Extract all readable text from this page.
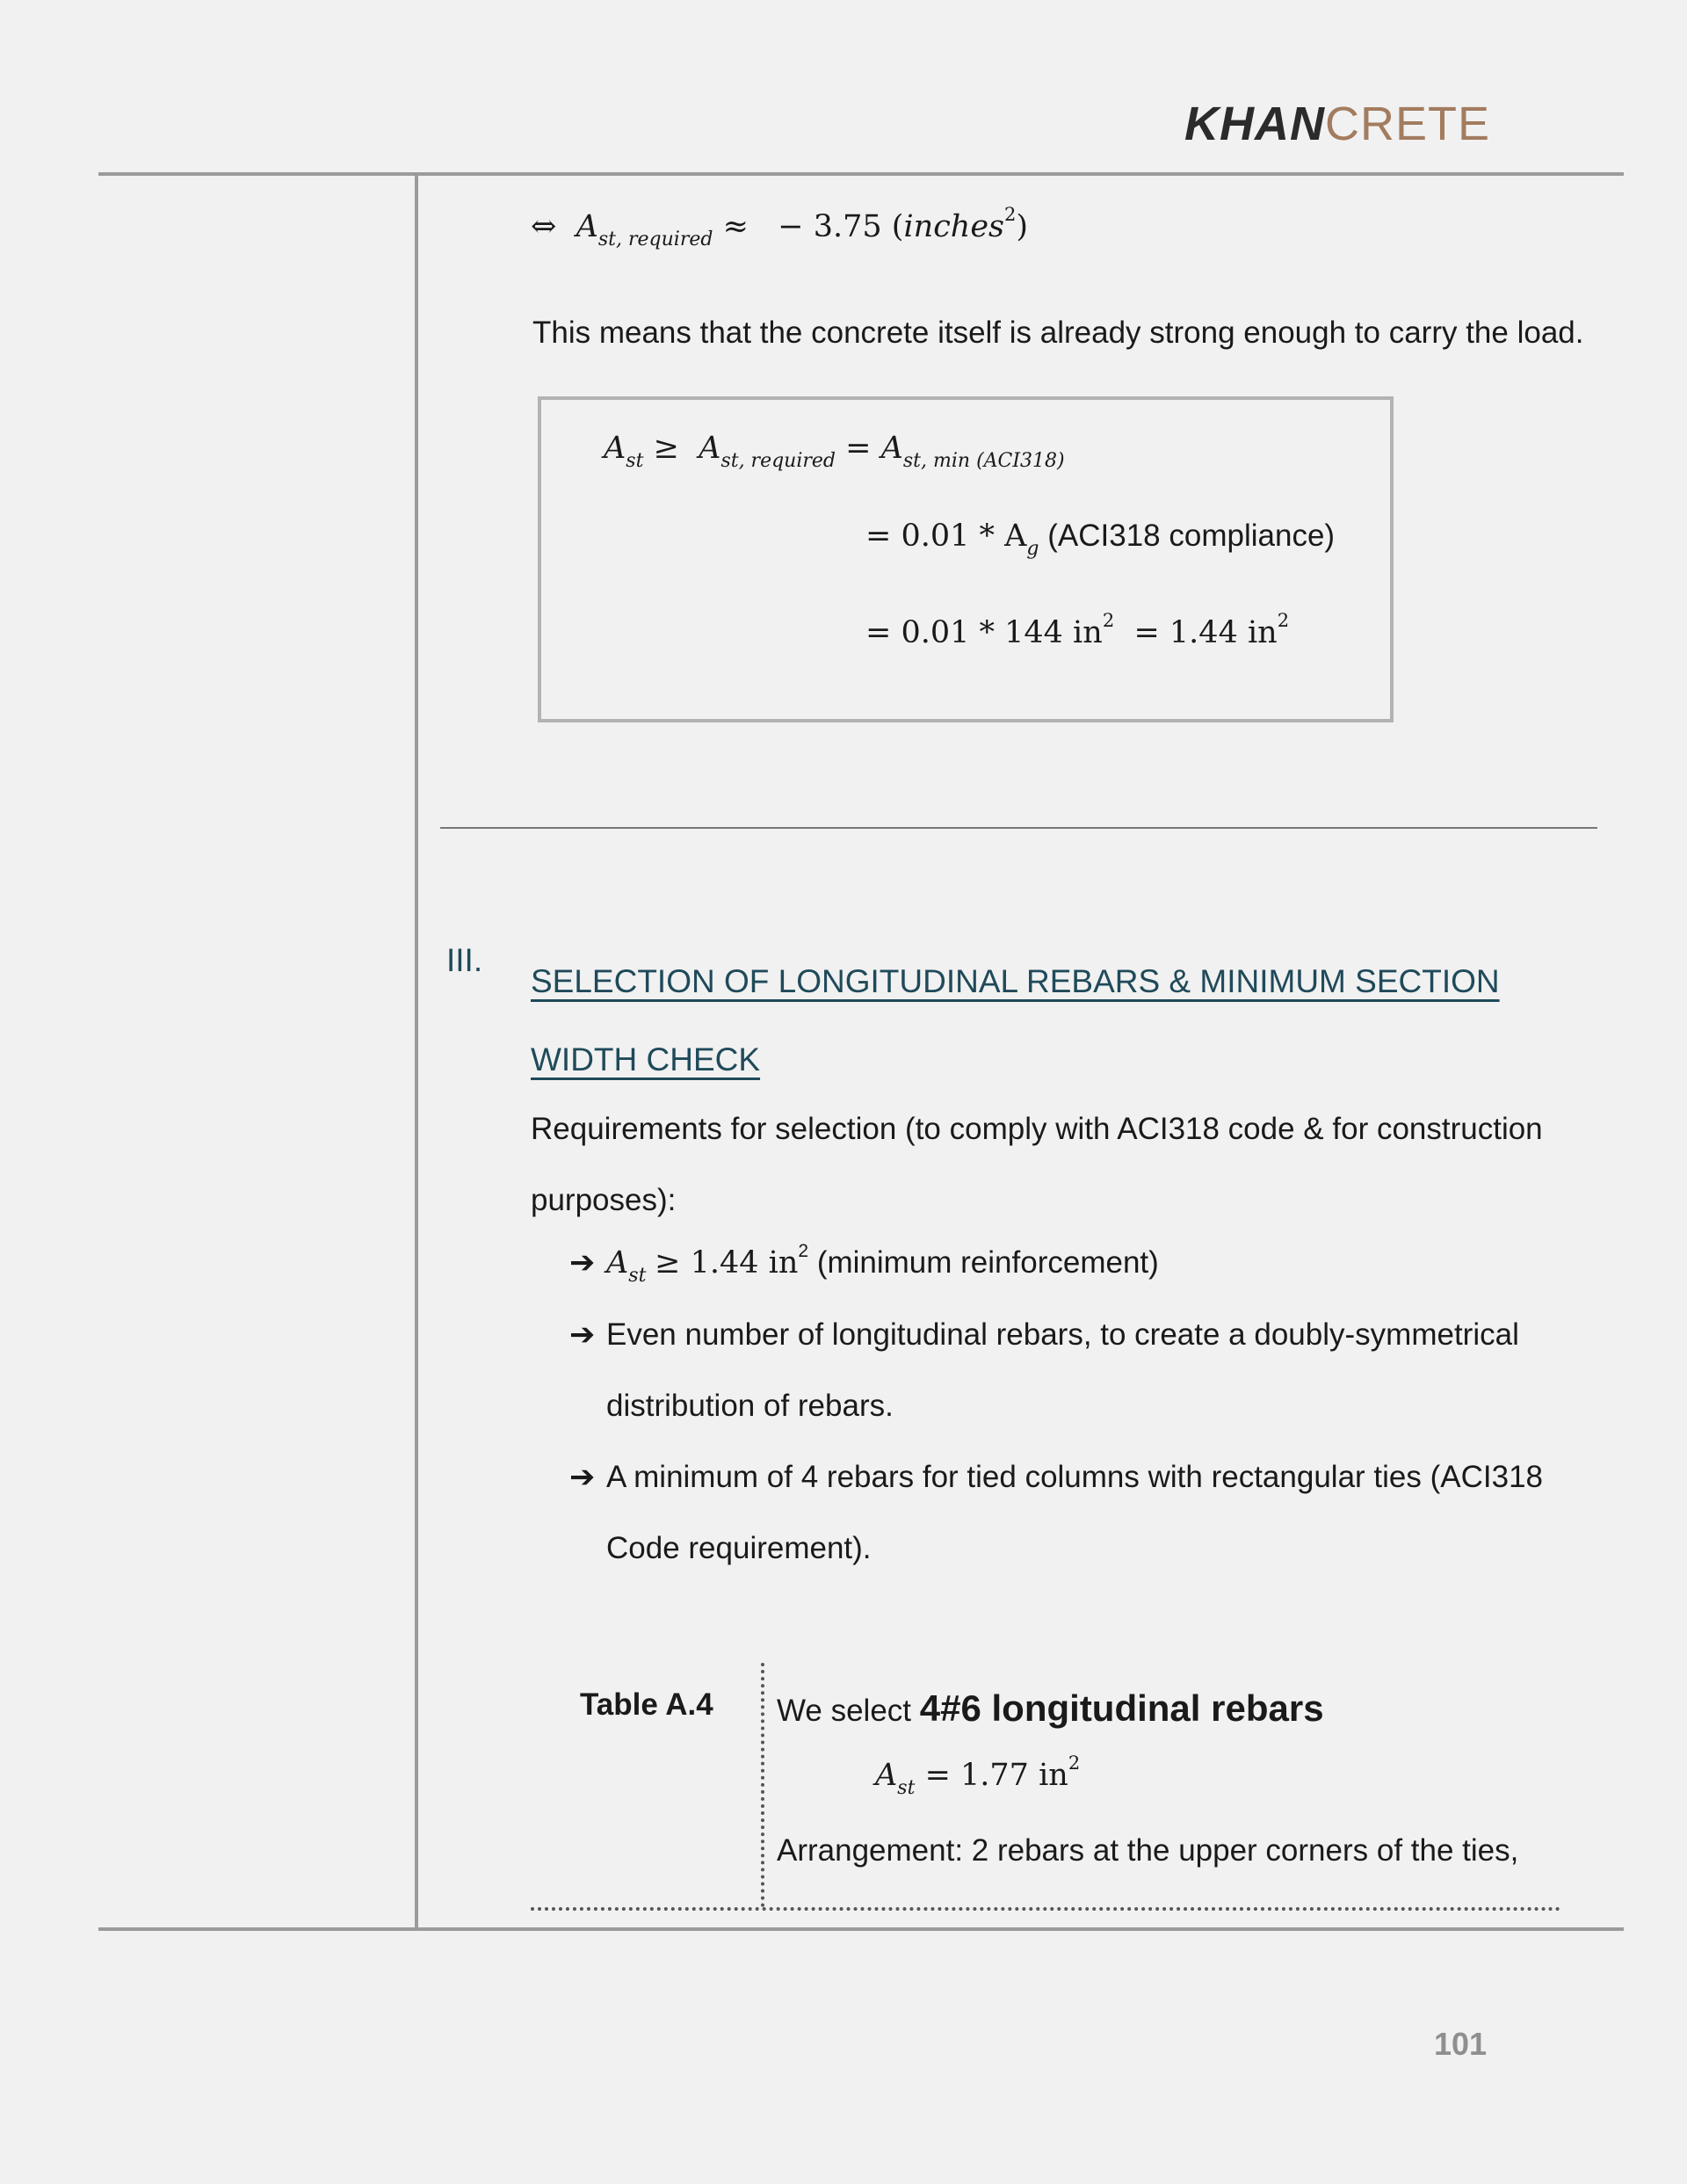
KHANCRETE
⇔ $A_{st, required}$ ≈ − 3.75 (inches$^2$)
This means that the concrete itself is already strong enough to carry the load.
$A_{st} \ge A_{st, required} = A_{st, min (ACI318)}$
= $0.01 * A_g$ (ACI318 compliance)
= 0.01 * 144 $in^2 = 1.44$ $in^2$
III.
SELECTION OF LONGITUDINAL REBARS & MINIMUM SECTION WIDTH CHECK
Requirements for selection (to comply with ACI318 code & for construction purposes):
➔ $A_{st} \ge 1.44$ $in^2$ (minimum reinforcement)
➔ Even number of longitudinal rebars, to create a doubly-symmetrical
distribution of rebars.
➔ A minimum of 4 rebars for tied columns with rectangular ties (ACI318
Code requirement).
Table A.4 We select 4#6 longitudinal rebars
$A_{st} = 1.77$ $in^2$
Arrangement: 2 rebars at the upper corners of the ties,
101
